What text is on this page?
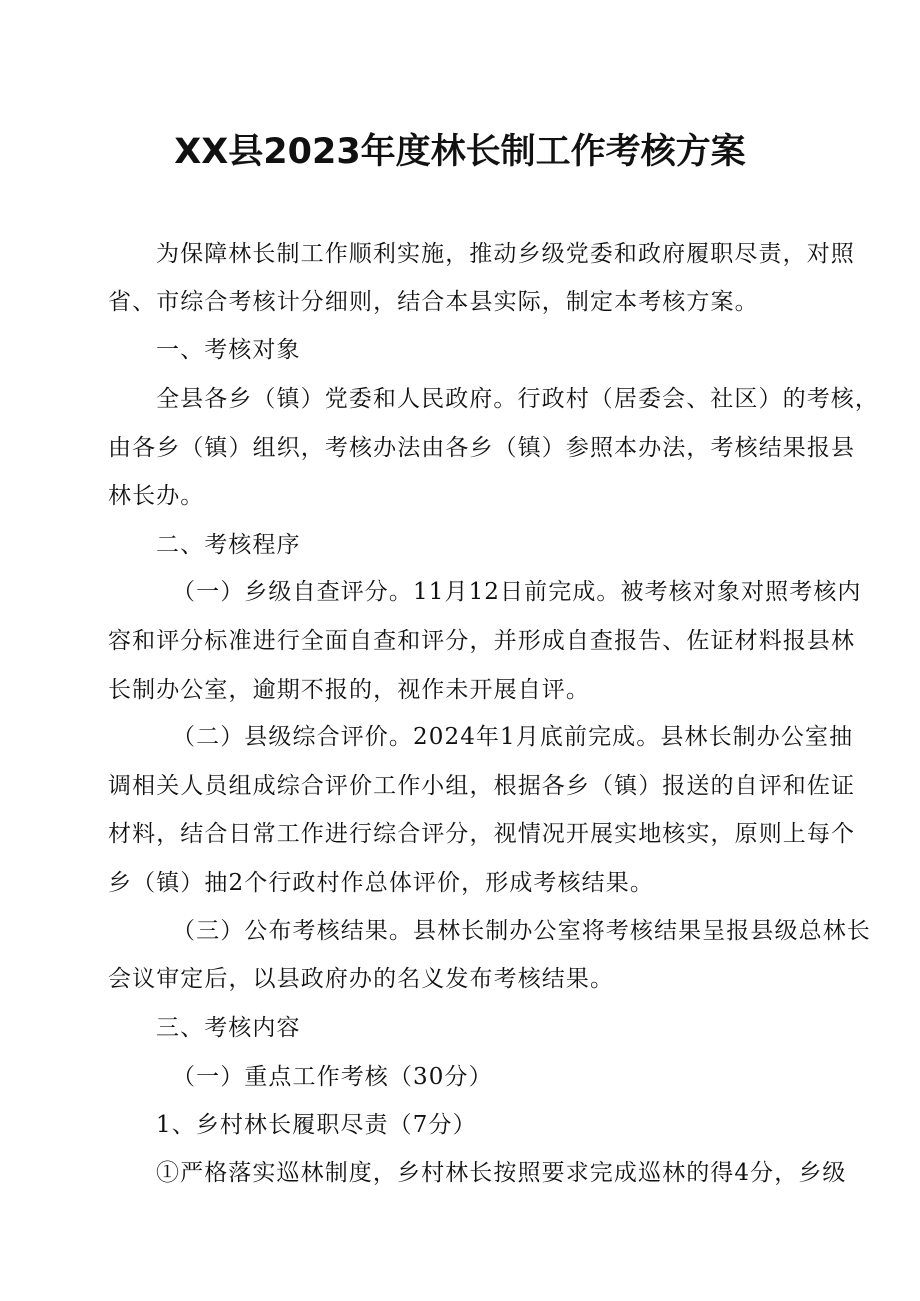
XX县2023年度林长制工作考核方案

为保障林长制工作顺利实施，推动乡级党委和政府履职尽责，对照

省、市综合考核计分细则，结合本县实际，制定本考核方案。

一、考核对象

全县各乡（镇）党委和人民政府。行政村（居委会、社区）的考核，

由各乡（镇）组织，考核办法由各乡（镇）参照本办法，考核结果报县

林长办。

二、考核程序

（一）乡级自查评分。11月12日前完成。被考核对象对照考核内

容和评分标准进行全面自查和评分，并形成自查报告、佐证材料报县林

长制办公室，逾期不报的，视作未开展自评。

（二）县级综合评价。2024年1月底前完成。县林长制办公室抽

调相关人员组成综合评价工作小组，根据各乡（镇）报送的自评和佐证

材料，结合日常工作进行综合评分，视情况开展实地核实，原则上每个

乡（镇）抽2个行政村作总体评价，形成考核结果。

（三）公布考核结果。县林长制办公室将考核结果呈报县级总林长

会议审定后，以县政府办的名义发布考核结果。

三、考核内容

（一）重点工作考核（30分）

1、乡村林长履职尽责（7分）

①严格落实巡林制度，乡村林长按照要求完成巡林的得4分，乡级
